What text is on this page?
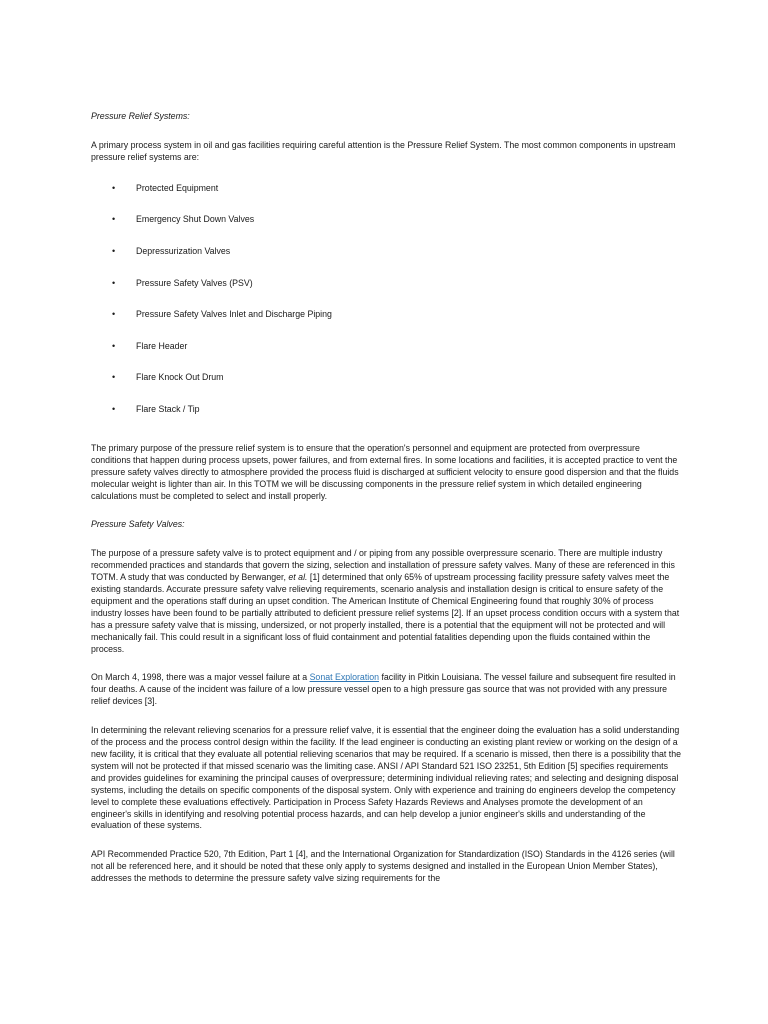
Pressure Relief Systems:

A primary process system in oil and gas facilities requiring careful attention is the Pressure Relief System. The most common components in upstream pressure relief systems are:

• Protected Equipment
• Emergency Shut Down Valves
• Depressurization Valves
• Pressure Safety Valves (PSV)
• Pressure Safety Valves Inlet and Discharge Piping
• Flare Header
• Flare Knock Out Drum
• Flare Stack / Tip

The primary purpose of the pressure relief system is to ensure that the operation's personnel and equipment are protected from overpressure conditions that happen during process upsets, power failures, and from external fires. In some locations and facilities, it is accepted practice to vent the pressure safety valves directly to atmosphere provided the process fluid is discharged at sufficient velocity to ensure good dispersion and that the fluids molecular weight is lighter than air. In this TOTM we will be discussing components in the pressure relief system in which detailed engineering calculations must be completed to select and install properly.

Pressure Safety Valves:

The purpose of a pressure safety valve is to protect equipment and / or piping from any possible overpressure scenario. There are multiple industry recommended practices and standards that govern the sizing, selection and installation of pressure safety valves. Many of these are referenced in this TOTM. A study that was conducted by Berwanger, et al. [1] determined that only 65% of upstream processing facility pressure safety valves meet the existing standards. Accurate pressure safety valve relieving requirements, scenario analysis and installation design is critical to ensure safety of the equipment and the operations staff during an upset condition. The American Institute of Chemical Engineering found that roughly 30% of process industry losses have been found to be partially attributed to deficient pressure relief systems [2]. If an upset process condition occurs with a system that has a pressure safety valve that is missing, undersized, or not properly installed, there is a potential that the equipment will not be protected and will mechanically fail. This could result in a significant loss of fluid containment and potential fatalities depending upon the fluids contained within the process.

On March 4, 1998, there was a major vessel failure at a Sonat Exploration facility in Pitkin Louisiana. The vessel failure and subsequent fire resulted in four deaths. A cause of the incident was failure of a low pressure vessel open to a high pressure gas source that was not provided with any pressure relief devices [3].

In determining the relevant relieving scenarios for a pressure relief valve, it is essential that the engineer doing the evaluation has a solid understanding of the process and the process control design within the facility. If the lead engineer is conducting an existing plant review or working on the design of a new facility, it is critical that they evaluate all potential relieving scenarios that may be required. If a scenario is missed, then there is a possibility that the system will not be protected if that missed scenario was the limiting case. ANSI / API Standard 521 ISO 23251, 5th Edition [5] specifies requirements and provides guidelines for examining the principal causes of overpressure; determining individual relieving rates; and selecting and designing disposal systems, including the details on specific components of the disposal system. Only with experience and training do engineers develop the competency level to complete these evaluations effectively. Participation in Process Safety Hazards Reviews and Analyses promote the development of an engineer's skills in identifying and resolving potential process hazards, and can help develop a junior engineer's skills and understanding of the evaluation of these systems.

API Recommended Practice 520, 7th Edition, Part 1 [4], and the International Organization for Standardization (ISO) Standards in the 4126 series (will not all be referenced here, and it should be noted that these only apply to systems designed and installed in the European Union Member States), addresses the methods to determine the pressure safety valve sizing requirements for the
